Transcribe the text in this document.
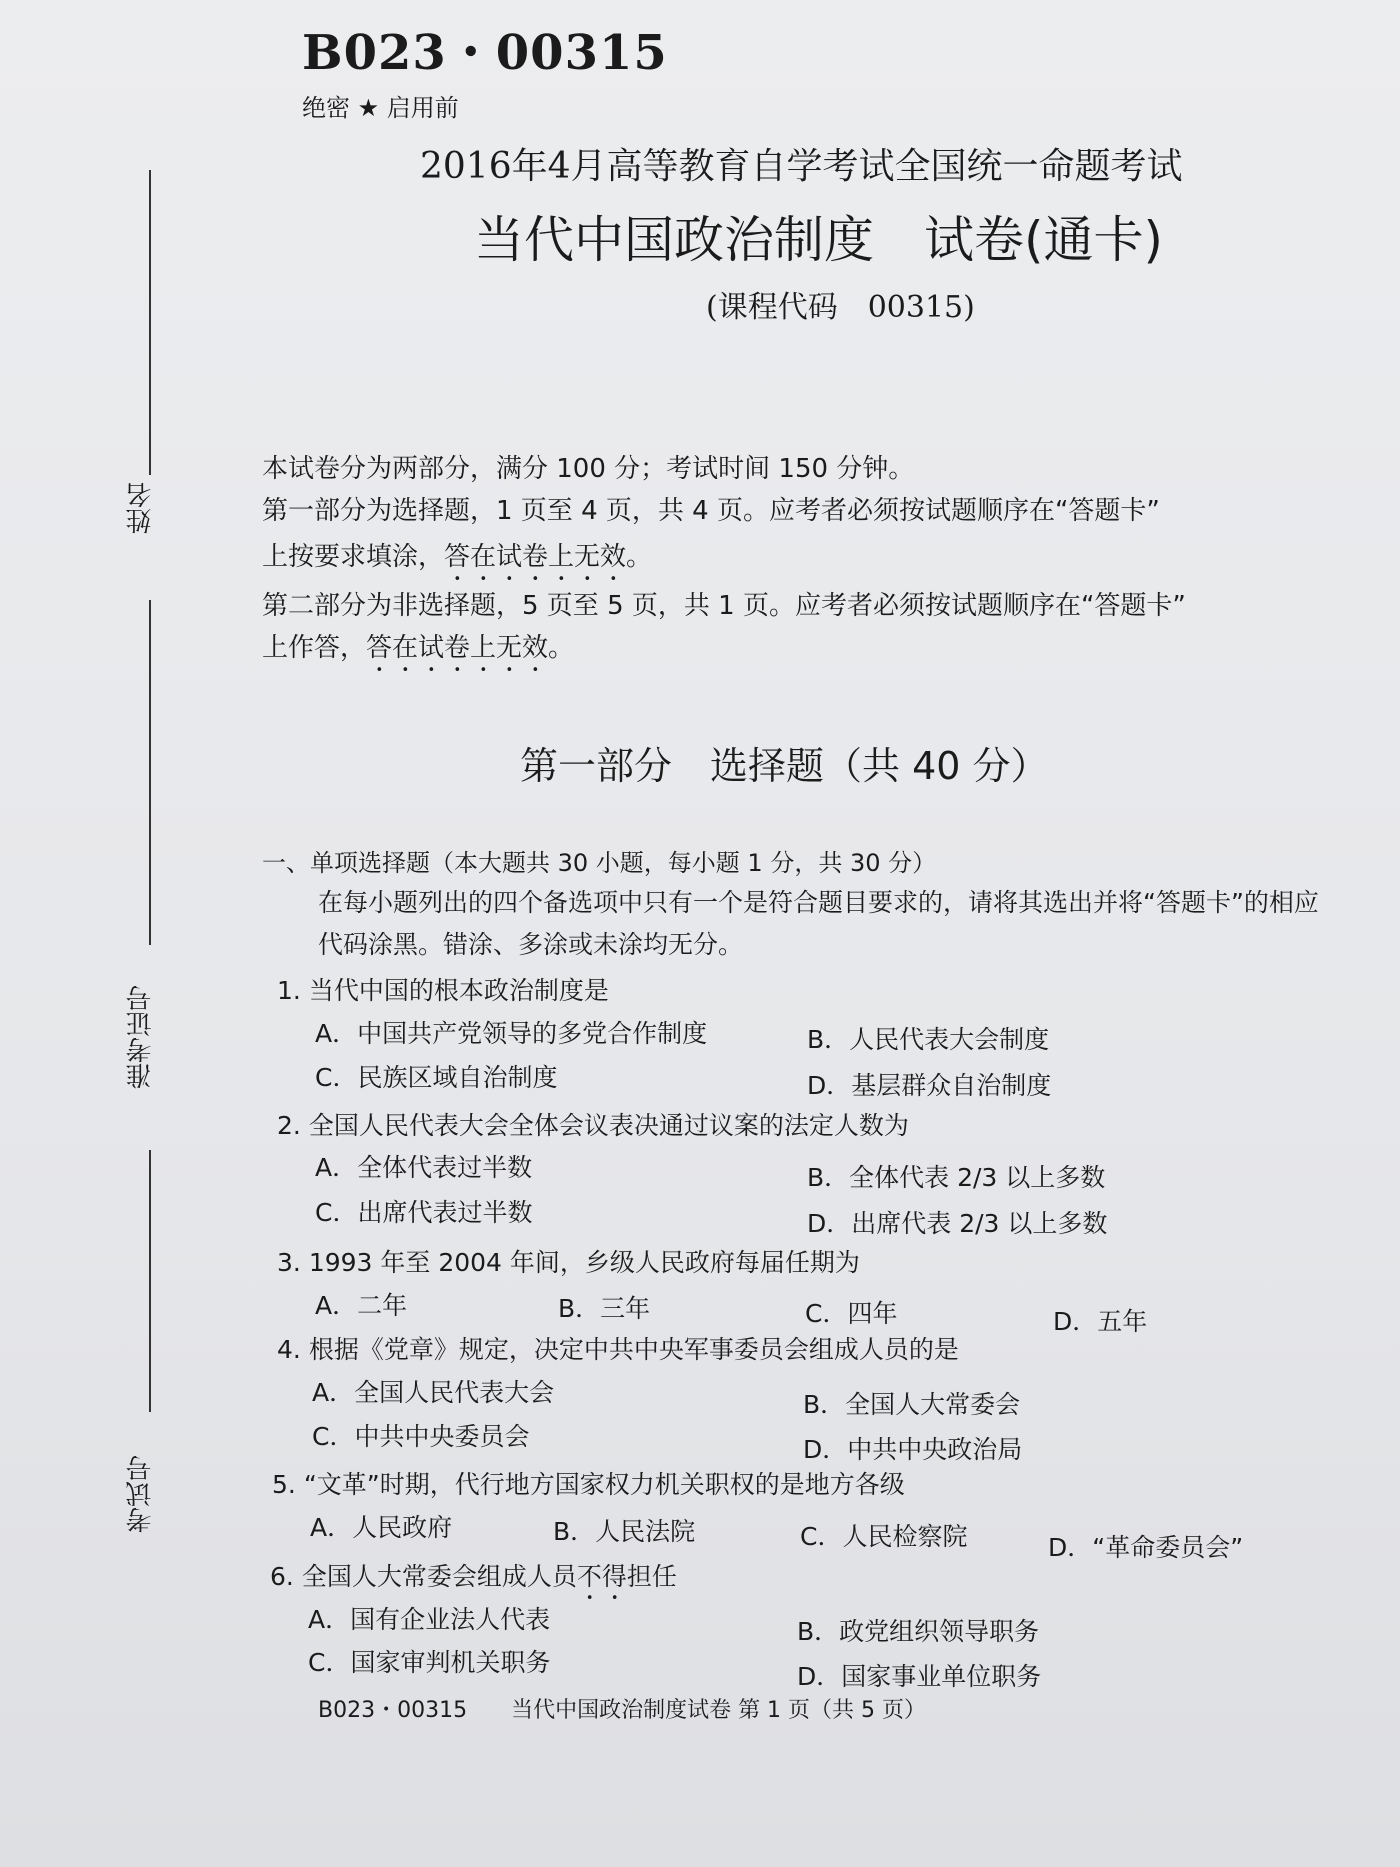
B023・00315
绝密 ★ 启用前
2016年4月高等教育自学考试全国统一命题考试
当代中国政治制度　试卷(通卡)
(课程代码　00315)
姓名
准考证号
考试号
本试卷分为两部分，满分 100 分；考试时间 150 分钟。
第一部分为选择题，1 页至 4 页，共 4 页。应考者必须按试题顺序在“答题卡”
上按要求填涂，答在试卷上无效。
第二部分为非选择题，5 页至 5 页，共 1 页。应考者必须按试题顺序在“答题卡”
上作答，答在试卷上无效。
第一部分　选择题（共 40 分）
一、单项选择题（本大题共 30 小题，每小题 1 分，共 30 分）
在每小题列出的四个备选项中只有一个是符合题目要求的，请将其选出并将“答题卡”的相应代码涂黑。错涂、多涂或未涂均无分。
1. 当代中国的根本政治制度是
A．中国共产党领导的多党合作制度	B．人民代表大会制度
C．民族区域自治制度	D．基层群众自治制度
2. 全国人民代表大会全体会议表决通过议案的法定人数为
A．全体代表过半数	B．全体代表 2/3 以上多数
C．出席代表过半数	D．出席代表 2/3 以上多数
3. 1993 年至 2004 年间，乡级人民政府每届任期为
A．二年	B．三年	C．四年	D．五年
4. 根据《党章》规定，决定中共中央军事委员会组成人员的是
A．全国人民代表大会	B．全国人大常委会
C．中共中央委员会	D．中共中央政治局
5. “文革”时期，代行地方国家权力机关职权的是地方各级
A．人民政府	B．人民法院	C．人民检察院	D．“革命委员会”
6. 全国人大常委会组成人员不得担任
A．国有企业法人代表	B．政党组织领导职务
C．国家审判机关职务	D．国家事业单位职务
B023・00315　　当代中国政治制度试卷 第 1 页（共 5 页）
